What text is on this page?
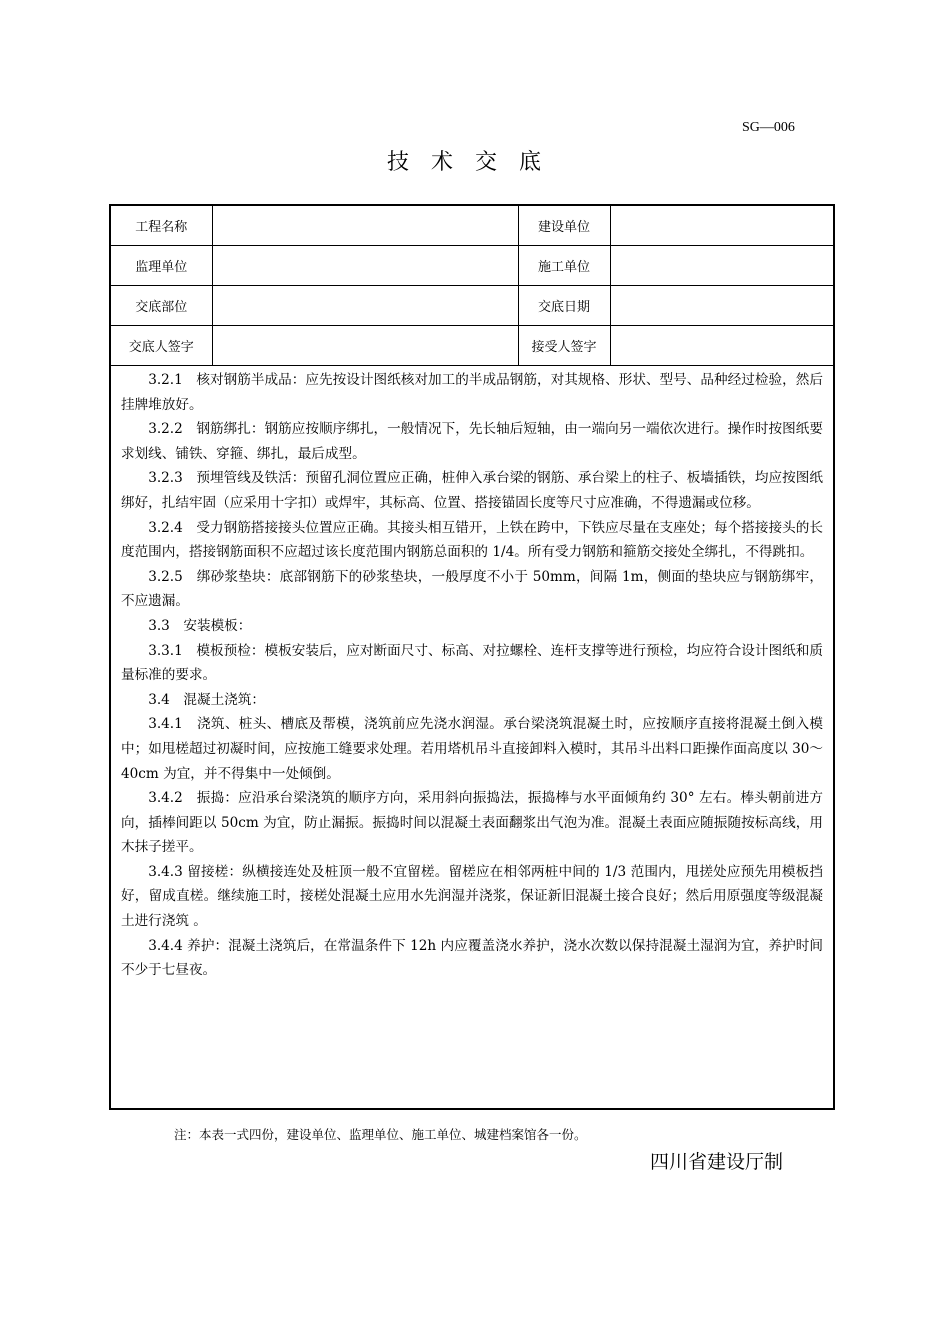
SG—006
技术交底
工程名称		建设单位	
监理单位		施工单位	
交底部位		交底日期	
交底人签字		接受人签字	

3.2.1　核对钢筋半成品：应先按设计图纸核对加工的半成品钢筋，对其规格、形状、型号、品种经过检验，然后挂牌堆放好。

3.2.2　钢筋绑扎：钢筋应按顺序绑扎，一般情况下，先长轴后短轴，由一端向另一端依次进行。操作时按图纸要求划线、铺铁、穿箍、绑扎，最后成型。

3.2.3　预埋管线及铁活：预留孔洞位置应正确，桩伸入承台梁的钢筋、承台梁上的柱子、板墙插铁，均应按图纸绑好，扎结牢固（应采用十字扣）或焊牢，其标高、位置、搭接锚固长度等尺寸应准确，不得遗漏或位移。

3.2.4　受力钢筋搭接接头位置应正确。其接头相互错开，上铁在跨中，下铁应尽量在支座处；每个搭接接头的长度范围内，搭接钢筋面积不应超过该长度范围内钢筋总面积的 1/4。所有受力钢筋和箍筋交接处全绑扎，不得跳扣。

3.2.5　绑砂浆垫块：底部钢筋下的砂浆垫块，一般厚度不小于 50mm，间隔 1m，侧面的垫块应与钢筋绑牢，不应遗漏。

3.3　安装模板：

3.3.1　模板预检：模板安装后，应对断面尺寸、标高、对拉螺栓、连杆支撑等进行预检，均应符合设计图纸和质量标准的要求。

3.4　混凝土浇筑：

3.4.1　浇筑、桩头、槽底及帮模，浇筑前应先浇水润湿。承台梁浇筑混凝土时，应按顺序直接将混凝土倒入模中；如甩槎超过初凝时间，应按施工缝要求处理。若用塔机吊斗直接卸料入模时，其吊斗出料口距操作面高度以 30～40cm 为宜，并不得集中一处倾倒。

3.4.2　振捣：应沿承台梁浇筑的顺序方向，采用斜向振捣法，振捣棒与水平面倾角约 30° 左右。棒头朝前进方向，插棒间距以 50cm 为宜，防止漏振。振捣时间以混凝土表面翻浆出气泡为准。混凝土表面应随振随按标高线，用木抹子搓平。

3.4.3 留接槎：纵横接连处及桩顶一般不宜留槎。留槎应在相邻两桩中间的 1/3 范围内，甩搓处应预先用模板挡好，留成直槎。继续施工时，接槎处混凝土应用水先润湿并浇浆，保证新旧混凝土接合良好；然后用原强度等级混凝土进行浇筑 。

3.4.4 养护：混凝土浇筑后，在常温条件下 12h 内应覆盖浇水养护，浇水次数以保持混凝土湿润为宜，养护时间不少于七昼夜。

注：本表一式四份，建设单位、监理单位、施工单位、城建档案馆各一份。
四川省建设厅制
